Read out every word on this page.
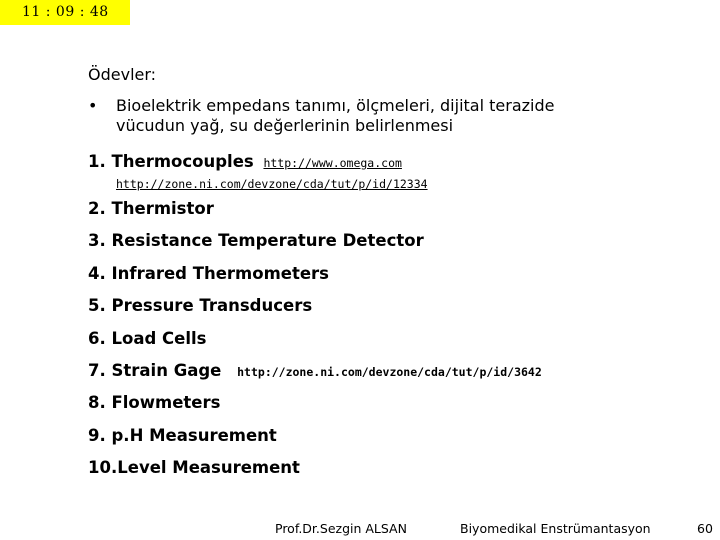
11 : 09 : 48
Ödevler:
• Bioelektrik empedans tanımı, ölçmeleri, dijital terazide vücudun yağ, su değerlerinin belirlenmesi
1. Thermocouples http://www.omega.com
http://zone.ni.com/devzone/cda/tut/p/id/12334
2. Thermistor
3. Resistance Temperature Detector
4. Infrared Thermometers
5. Pressure Transducers
6. Load Cells
7. Strain Gage http://zone.ni.com/devzone/cda/tut/p/id/3642
8. Flowmeters
9. p.H Measurement
10.Level Measurement
Prof.Dr.Sezgin ALSAN	Biyomedikal Enstrümantasyon	60
